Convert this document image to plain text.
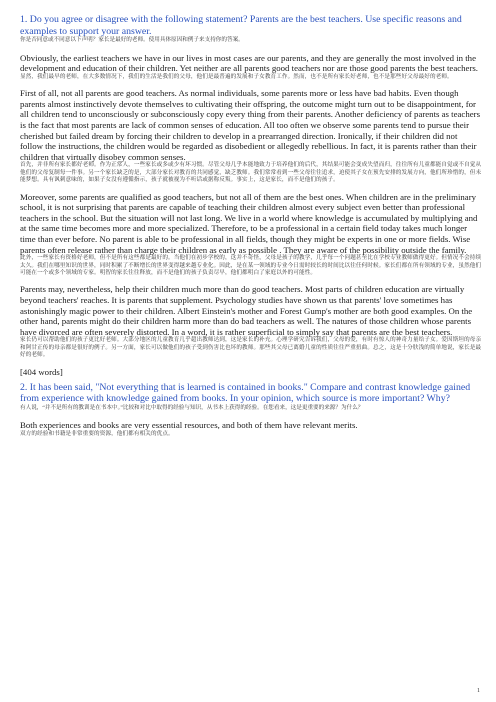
1. Do you agree or disagree with the following statement? Parents are the best teachers. Use specific reasons and examples to support your answer.

你是否同意或不同意以下声明？家长是最好的老师。使用具体原因和例子来支持你的答案。

Obviously, the earliest teachers we have in our lives in most cases are our parents, and they are generally the most involved in the development and education of their children. Yet neither are all parents good teachers nor are those good parents the best teachers.

显然，我们最早的老师，在大多数情况下，我们的生活是我们的父母，他们是最普遍的发展和子女教育工作。然而，也不是所有家长好老师，也不是那些好父母最好的老师。

First of all, not all parents are good teachers. As normal individuals, some parents more or less have bad habits. Even though parents almost instinctively devote themselves to cultivating their offspring, the outcome might turn out to be disappointment, for all children tend to unconsciously or subconsciously copy every thing from their parents. Another deficiency of parents as teachers is the fact that most parents are lack of common senses of education. All too often we observe some parents tend to pursue their cherished but failed dream by forcing their children to develop in a prearranged direction. Ironically, if their children did not follow the instructions, the children would be regarded as disobedient or allegedly rebellious. In fact, it is parents rather than their children that virtually disobey common senses.

首先，并非所有家长都好老师。作为正常人，一些家长或多或少有坏习惯。尽管父母几乎本能地致力于培养他们的后代，其结果可能会变成失望而归，往往所有儿童都能自觉或不自觉从他们的父母复制每一件事。另一个家长缺乏的是，大部分家长对教育的共同感觉，缺乏教师。我们常常看到一些父母往往追求，迫使其子女在预先安排的发展方向，他们所珍惜的，但未能梦想。具有讽刺意味的，如果子女没有遵循指示，孩子就被视为不听话或据称反叛。事实上，这是家长，而不是他们的孩子。

Moreover, some parents are qualified as good teachers, but not all of them are the best ones. When children are in the preliminary school, it is not surprising that parents are capable of teaching their children almost every subject even better than professional teachers in the school. But the situation will not last long. We live in a world where knowledge is accumulated by multiplying and at the same time becomes more and more specialized. Therefore, to be a professional in a certain field today takes much longer time than ever before. No parent is able to be professional in all fields, though they might be experts in one or more fields. Wise parents often release rather than charge their children as early as possible . They are aware of the possibility outside the family.

此外，一些家长有资格好老师，但不是所有这些都是最好的。当他们在初步学校的，这并不奇怪，父母是孩子的教学，几乎每一个问题甚至比在学校专业教师做得更好。但情况不会持续太久。我们在哪里知识的世界，同时积累了不断增长的世界变得越来越专业化。因此，是在某一领域的专业今日需时较长的时间比以往任何时候。家长们都在所有领域的专业，虽然他们可能在一个或多个领域的专家。明智的家长往往释放，而不是他们的孩子负责尽早，他们都明白了家庭以外的可能性。

Parents may, nevertheless, help their children much more than do good teachers. Most parts of children education are virtually beyond teachers' reaches. It is parents that supplement. Psychology studies have shown us that parents' love sometimes has astonishingly magic power to their children. Albert Einstein's mother and Forest Gump's mother are both good examples. On the other hand, parents might do their children harm more than do bad teachers as well. The natures of those children whose parents have divorced are often severely distorted. In a word, it is rather superficial to simply say that parents are the best teachers.

家长仍可以帮助他们的孩子更比好老师。大部分地区的儿童教育几乎超出教师达到，这是家长的补充。心理学研究告诉我们，父母的爱，有时有惊人的神奇力量给子女。爱因斯坦的母亲和阿甘正传的母亲都是很好的例子。另一方面，家长可以做他们的孩子受到伤害比也坏的教师。那些其父母已离婚儿童的性质往往严重扭曲。总之，这是十分肤浅的简单地说，家长是最好的老师。

[404 words]

2. It has been said, "Not everything that is learned is contained in books." Compare and contrast knowledge gained from experience with knowledge gained from books. In your opinion, which source is more important? Why?

有人说，“并不是所有的教训是在书本中。”比较和对比中取得的经验与知识，从书本上获得的经验。在您看来，这是更重要的来源？为什么？

Both experiences and books are very essential resources, and both of them have relevant merits.

双方的经验和书籍是非常重要的资源，他们都有相关的优点。

1
